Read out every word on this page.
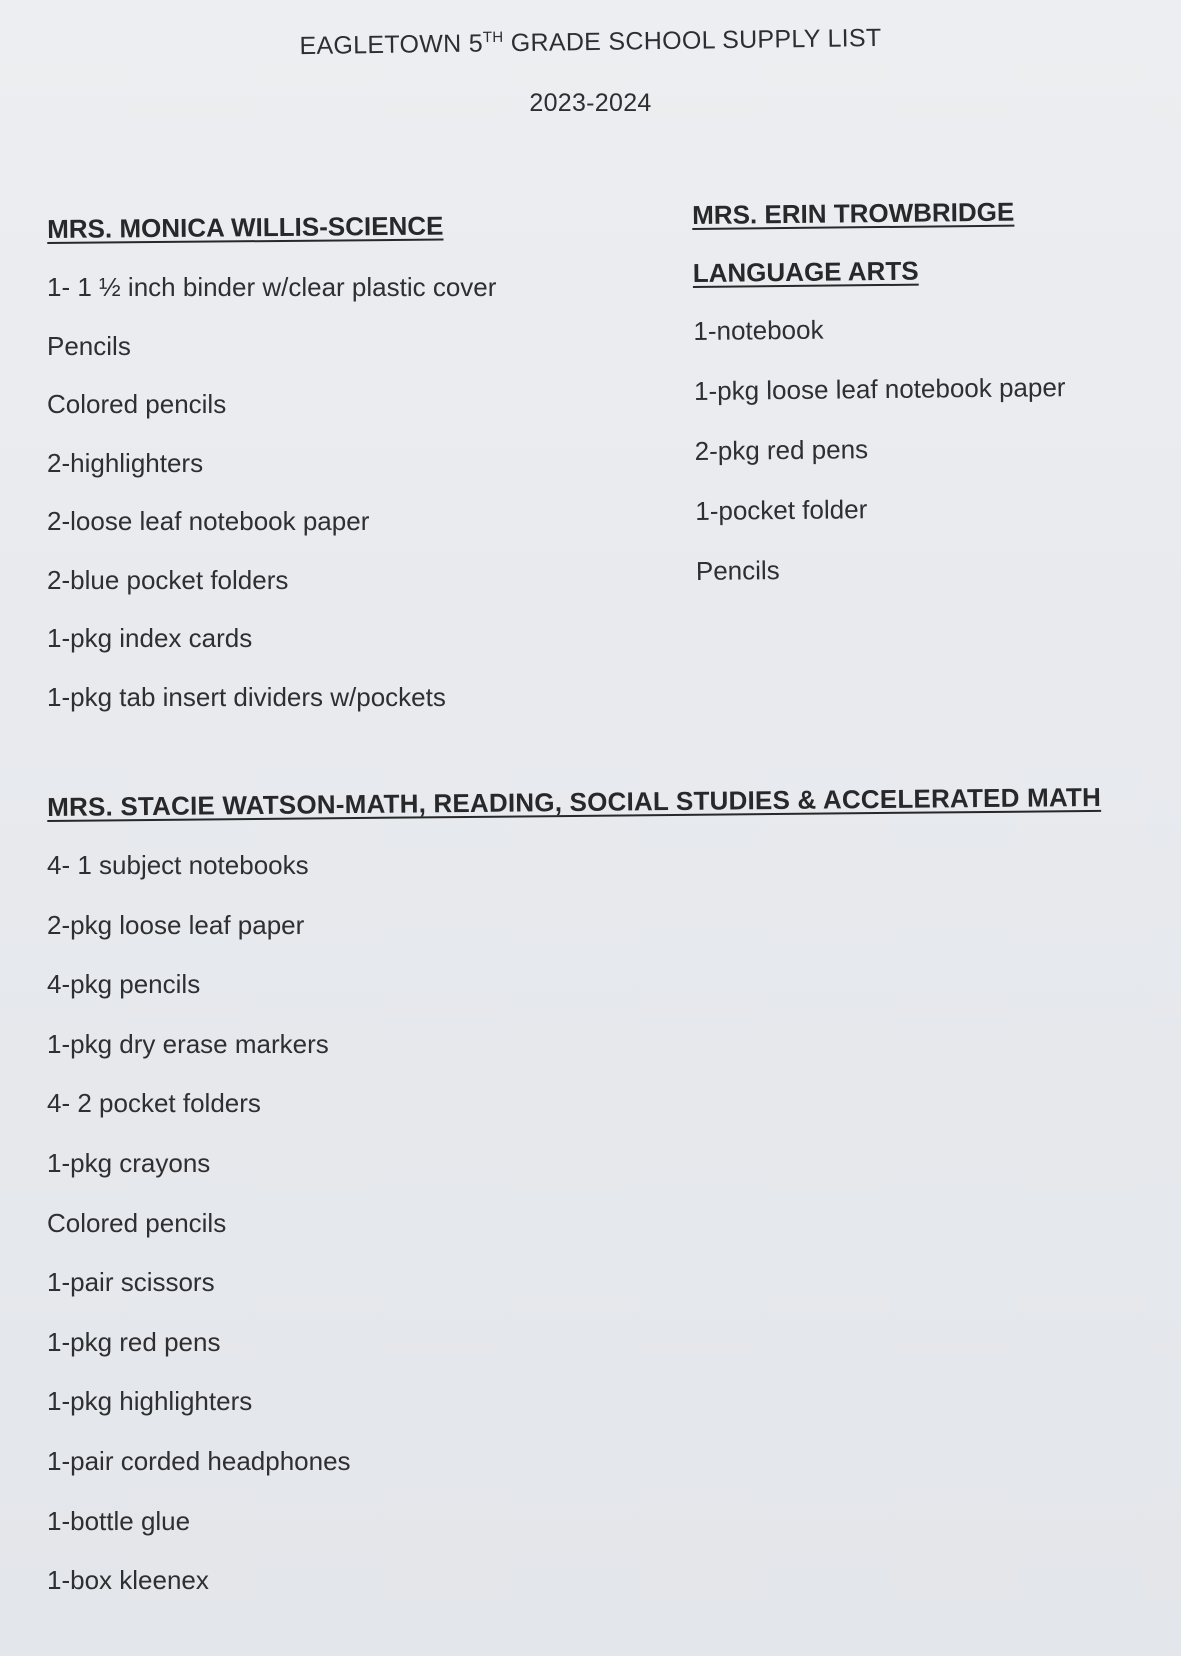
EAGLETOWN 5TH GRADE SCHOOL SUPPLY LIST
2023-2024
MRS. MONICA WILLIS-SCIENCE
1- 1 ½ inch binder w/clear plastic cover
Pencils
Colored pencils
2-highlighters
2-loose leaf notebook paper
2-blue pocket folders
1-pkg index cards
1-pkg tab insert dividers w/pockets
MRS. ERIN TROWBRIDGE
LANGUAGE ARTS
1-notebook
1-pkg loose leaf notebook paper
2-pkg red pens
1-pocket folder
Pencils
MRS. STACIE WATSON-MATH, READING, SOCIAL STUDIES & ACCELERATED MATH
4- 1 subject notebooks
2-pkg loose leaf paper
4-pkg pencils
1-pkg dry erase markers
4- 2 pocket folders
1-pkg crayons
Colored pencils
1-pair scissors
1-pkg red pens
1-pkg highlighters
1-pair corded headphones
1-bottle glue
1-box kleenex
